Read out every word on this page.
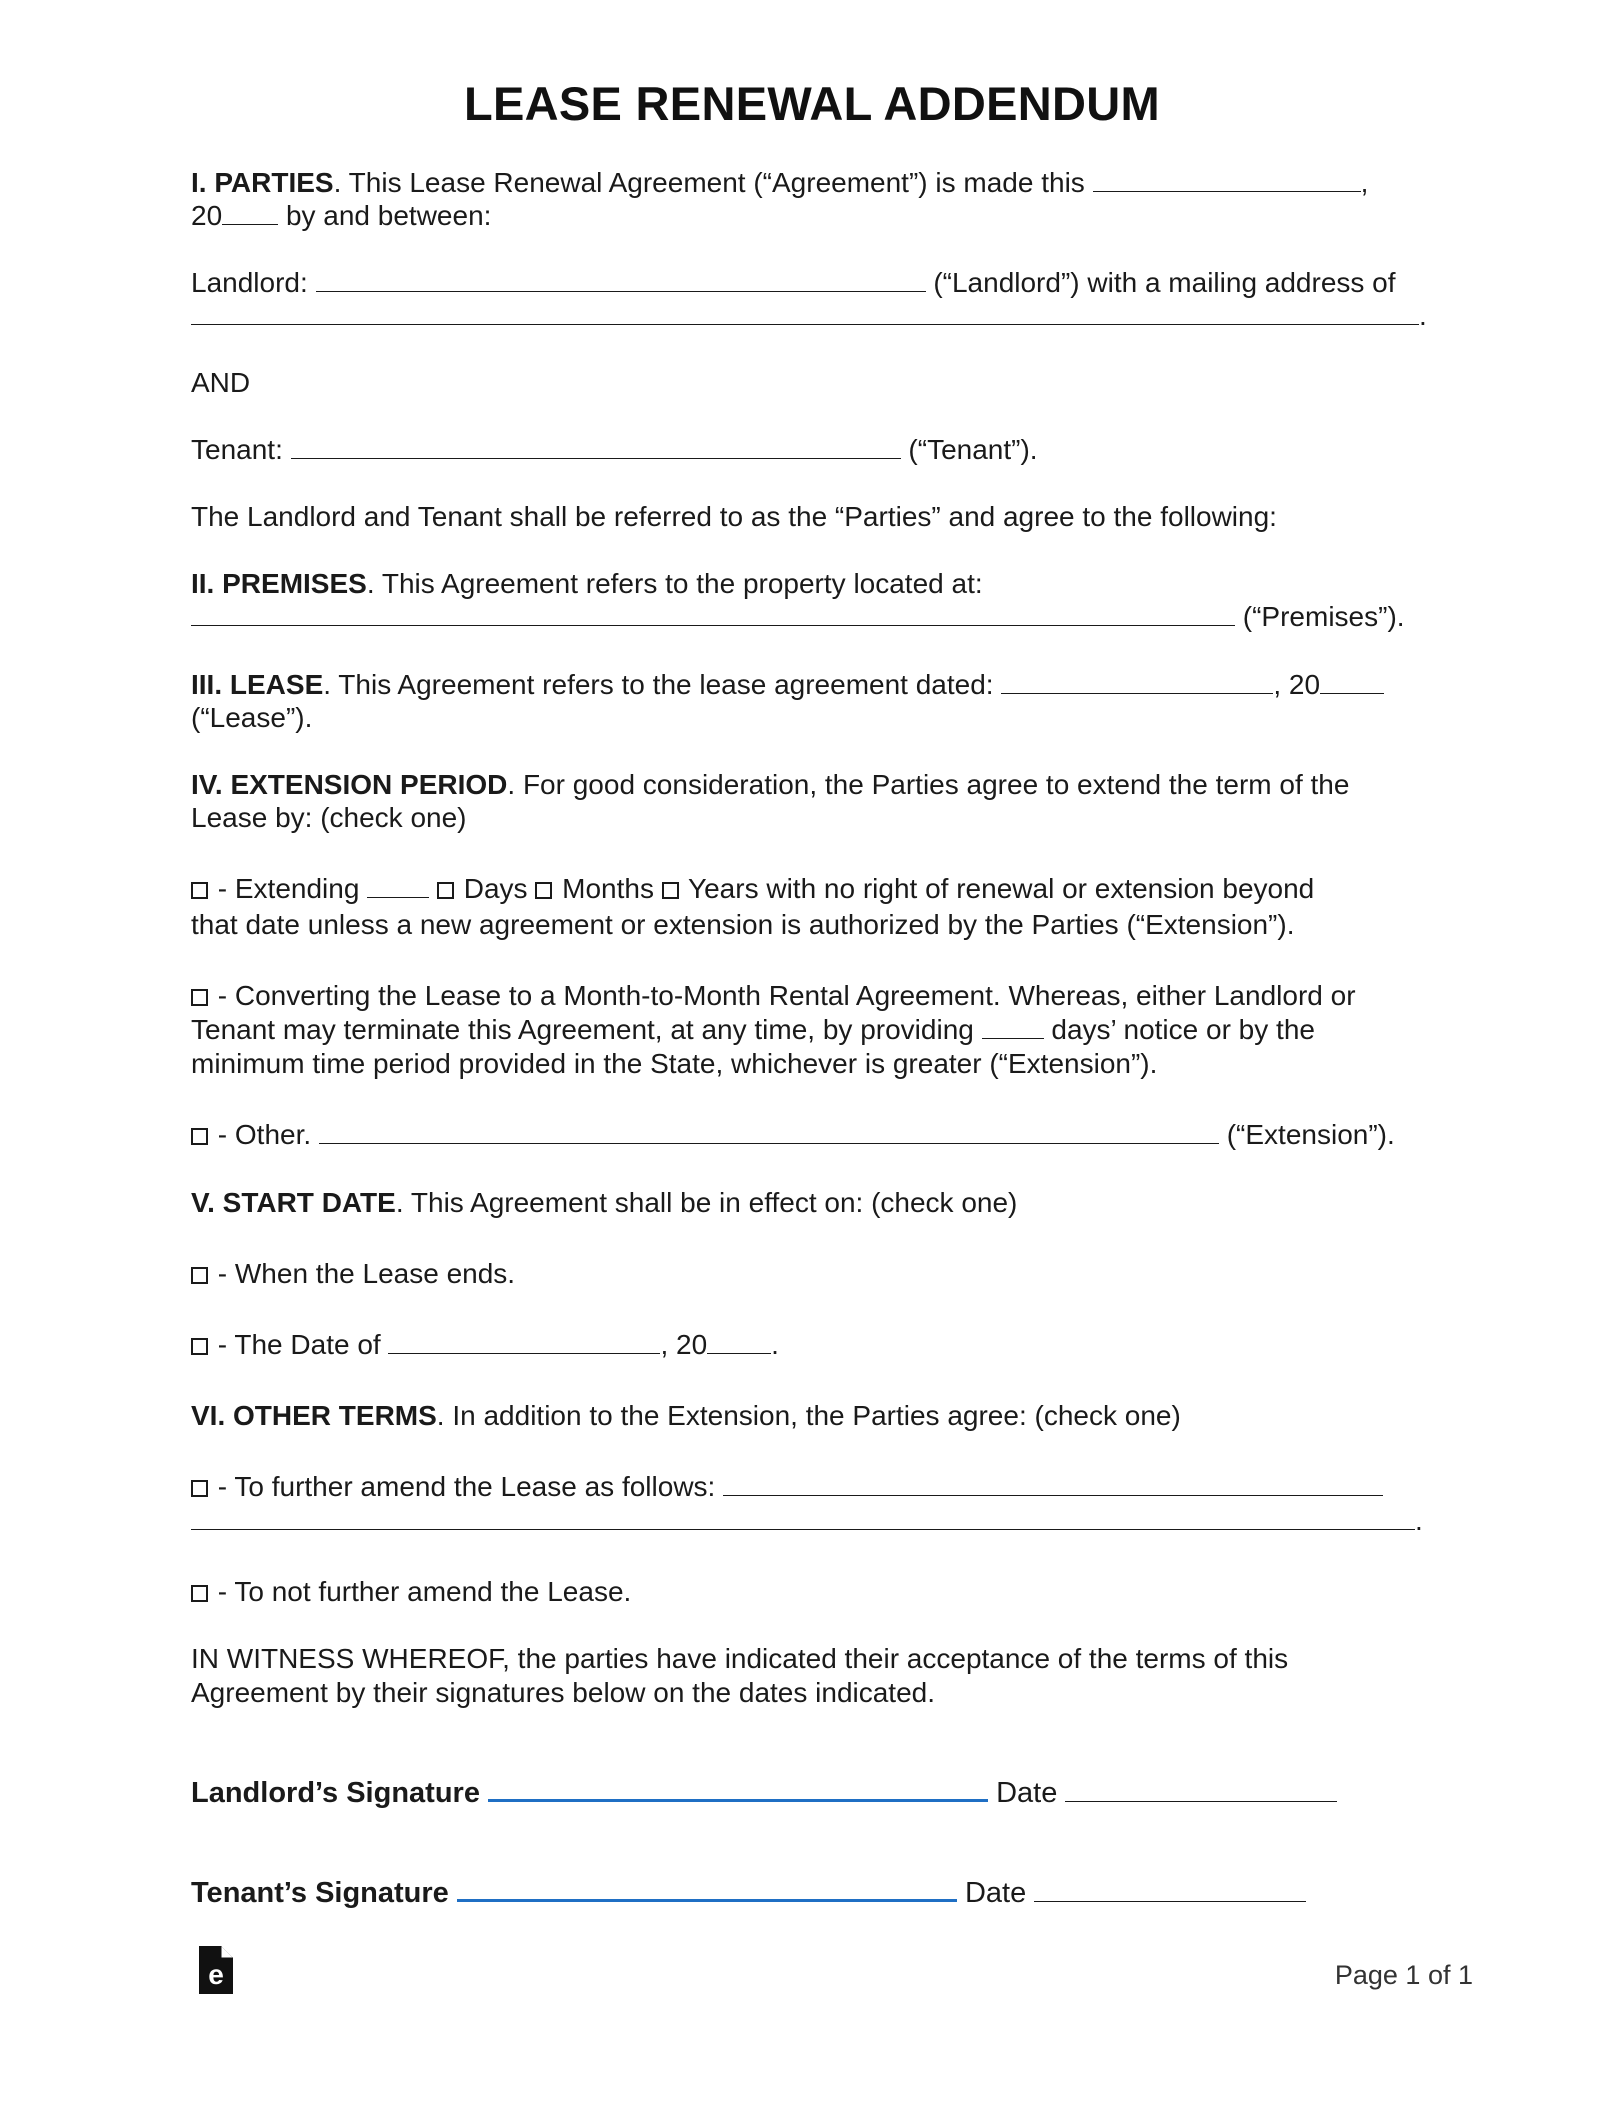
LEASE RENEWAL ADDENDUM
I. PARTIES. This Lease Renewal Agreement (“Agreement”) is made this	,
20 by and between:
Landlord:	(“Landlord”) with a mailing address of
.
AND
Tenant:	(“Tenant”).
The Landlord and Tenant shall be referred to as the “Parties” and agree to the following:
II. PREMISES. This Agreement refers to the property located at:
(“Premises”).
III. LEASE. This Agreement refers to the lease agreement dated:	, 20
(“Lease”).
IV. EXTENSION PERIOD. For good consideration, the Parties agree to extend the term of the
Lease by: (check one)
- Extending	Days  Months  Years with no right of renewal or extension beyond
that date unless a new agreement or extension is authorized by the Parties (“Extension”).
- Converting the Lease to a Month-to-Month Rental Agreement. Whereas, either Landlord or
Tenant may terminate this Agreement, at any time, by providing	days’ notice or by the
minimum time period provided in the State, whichever is greater (“Extension”).
- Other.	(“Extension”).
V. START DATE. This Agreement shall be in effect on: (check one)
- When the Lease ends.
- The Date of	, 20 .
VI. OTHER TERMS. In addition to the Extension, the Parties agree: (check one)
- To further amend the Lease as follows:
.
- To not further amend the Lease.
IN WITNESS WHEREOF, the parties have indicated their acceptance of the terms of this
Agreement by their signatures below on the dates indicated.
Landlord’s Signature	Date
Tenant’s Signature	Date
e	Page 1 of 1
